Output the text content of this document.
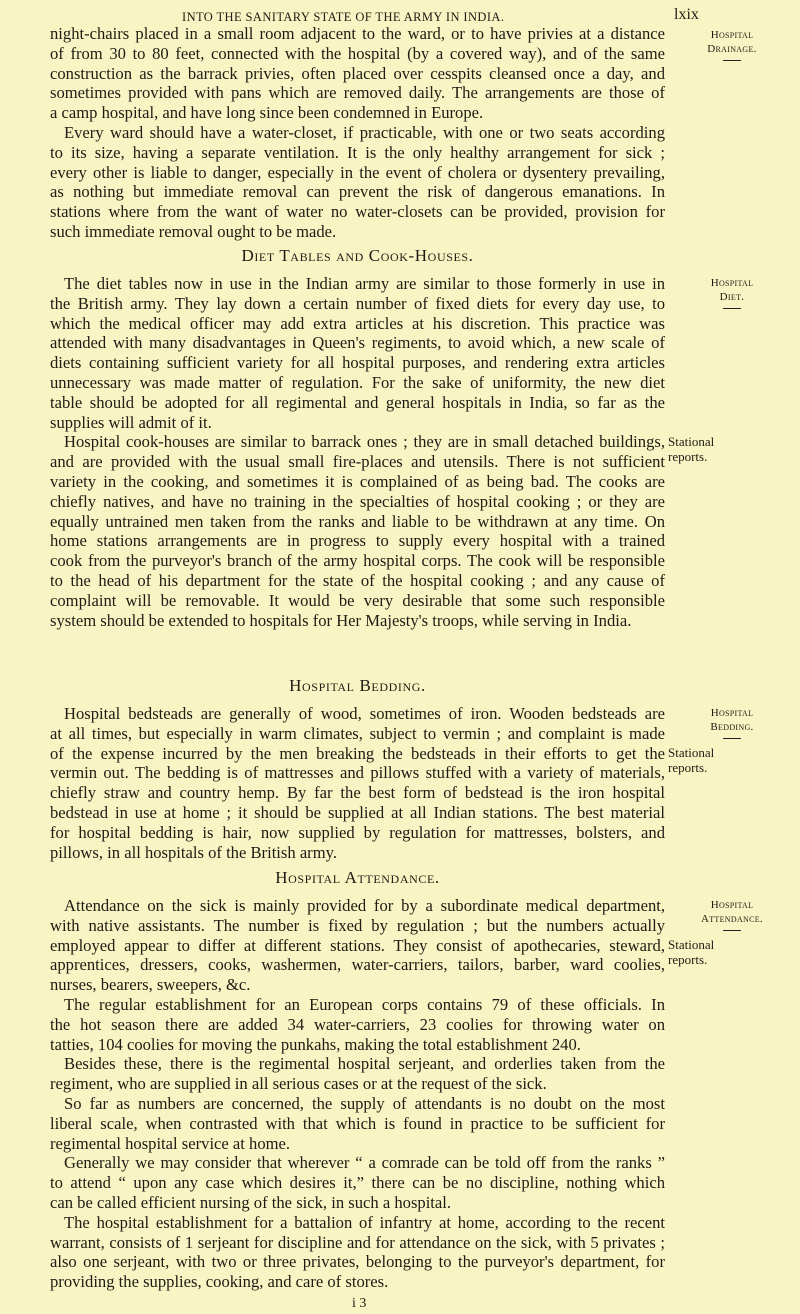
INTO THE SANITARY STATE OF THE ARMY IN INDIA.	lxix
night-chairs placed in a small room adjacent to the ward, or to have privies at a distance
of from 30 to 80 feet, connected with the hospital (by a covered way), and of the same
construction as the barrack privies, often placed over cesspits cleansed once a day, and
sometimes provided with pans which are removed daily. The arrangements are those of
a camp hospital, and have long since been condemned in Europe.
Every ward should have a water-closet, if practicable, with one or two seats according
to its size, having a separate ventilation. It is the only healthy arrangement for sick ;
every other is liable to danger, especially in the event of cholera or dysentery prevailing,
as nothing but immediate removal can prevent the risk of dangerous emanations. In
stations where from the want of water no water-closets can be provided, provision for
such immediate removal ought to be made.
Diet Tables and Cook-Houses.
The diet tables now in use in the Indian army are similar to those formerly in use in
the British army. They lay down a certain number of fixed diets for every day use, to
which the medical officer may add extra articles at his discretion. This practice was
attended with many disadvantages in Queen's regiments, to avoid which, a new scale of
diets containing sufficient variety for all hospital purposes, and rendering extra articles
unnecessary was made matter of regulation. For the sake of uniformity, the new diet
table should be adopted for all regimental and general hospitals in India, so far as the
supplies will admit of it.
Hospital cook-houses are similar to barrack ones ; they are in small detached buildings,
and are provided with the usual small fire-places and utensils. There is not sufficient
variety in the cooking, and sometimes it is complained of as being bad. The cooks are
chiefly natives, and have no training in the specialties of hospital cooking ; or they are
equally untrained men taken from the ranks and liable to be withdrawn at any time. On
home stations arrangements are in progress to supply every hospital with a trained
cook from the purveyor's branch of the army hospital corps. The cook will be responsible
to the head of his department for the state of the hospital cooking ; and any cause of
complaint will be removable. It would be very desirable that some such responsible
system should be extended to hospitals for Her Majesty's troops, while serving in India.
Hospital Bedding.
Hospital bedsteads are generally of wood, sometimes of iron. Wooden bedsteads are
at all times, but especially in warm climates, subject to vermin ; and complaint is made
of the expense incurred by the men breaking the bedsteads in their efforts to get the
vermin out. The bedding is of mattresses and pillows stuffed with a variety of materials,
chiefly straw and country hemp. By far the best form of bedstead is the iron hospital
bedstead in use at home ; it should be supplied at all Indian stations. The best material
for hospital bedding is hair, now supplied by regulation for mattresses, bolsters, and
pillows, in all hospitals of the British army.
Hospital Attendance.
Attendance on the sick is mainly provided for by a subordinate medical department,
with native assistants. The number is fixed by regulation ; but the numbers actually
employed appear to differ at different stations. They consist of apothecaries, steward,
apprentices, dressers, cooks, washermen, water-carriers, tailors, barber, ward coolies,
nurses, bearers, sweepers, &c.
The regular establishment for an European corps contains 79 of these officials. In
the hot season there are added 34 water-carriers, 23 coolies for throwing water on
tatties, 104 coolies for moving the punkahs, making the total establishment 240.
Besides these, there is the regimental hospital serjeant, and orderlies taken from the
regiment, who are supplied in all serious cases or at the request of the sick.
So far as numbers are concerned, the supply of attendants is no doubt on the most
liberal scale, when contrasted with that which is found in practice to be sufficient for
regimental hospital service at home.
Generally we may consider that wherever “ a comrade can be told off from the ranks ”
to attend “ upon any case which desires it,” there can be no discipline, nothing which
can be called efficient nursing of the sick, in such a hospital.
The hospital establishment for a battalion of infantry at home, according to the recent
warrant, consists of 1 serjeant for discipline and for attendance on the sick, with 5 privates ;
also one serjeant, with two or three privates, belonging to the purveyor's department, for
providing the supplies, cooking, and care of stores.
Hospital
Drainage.
Hospital
Diet.
Stational
reports.
Hospital
Bedding.
Stational
reports.
Hospital
Attendance.
Stational
reports.
i 3
